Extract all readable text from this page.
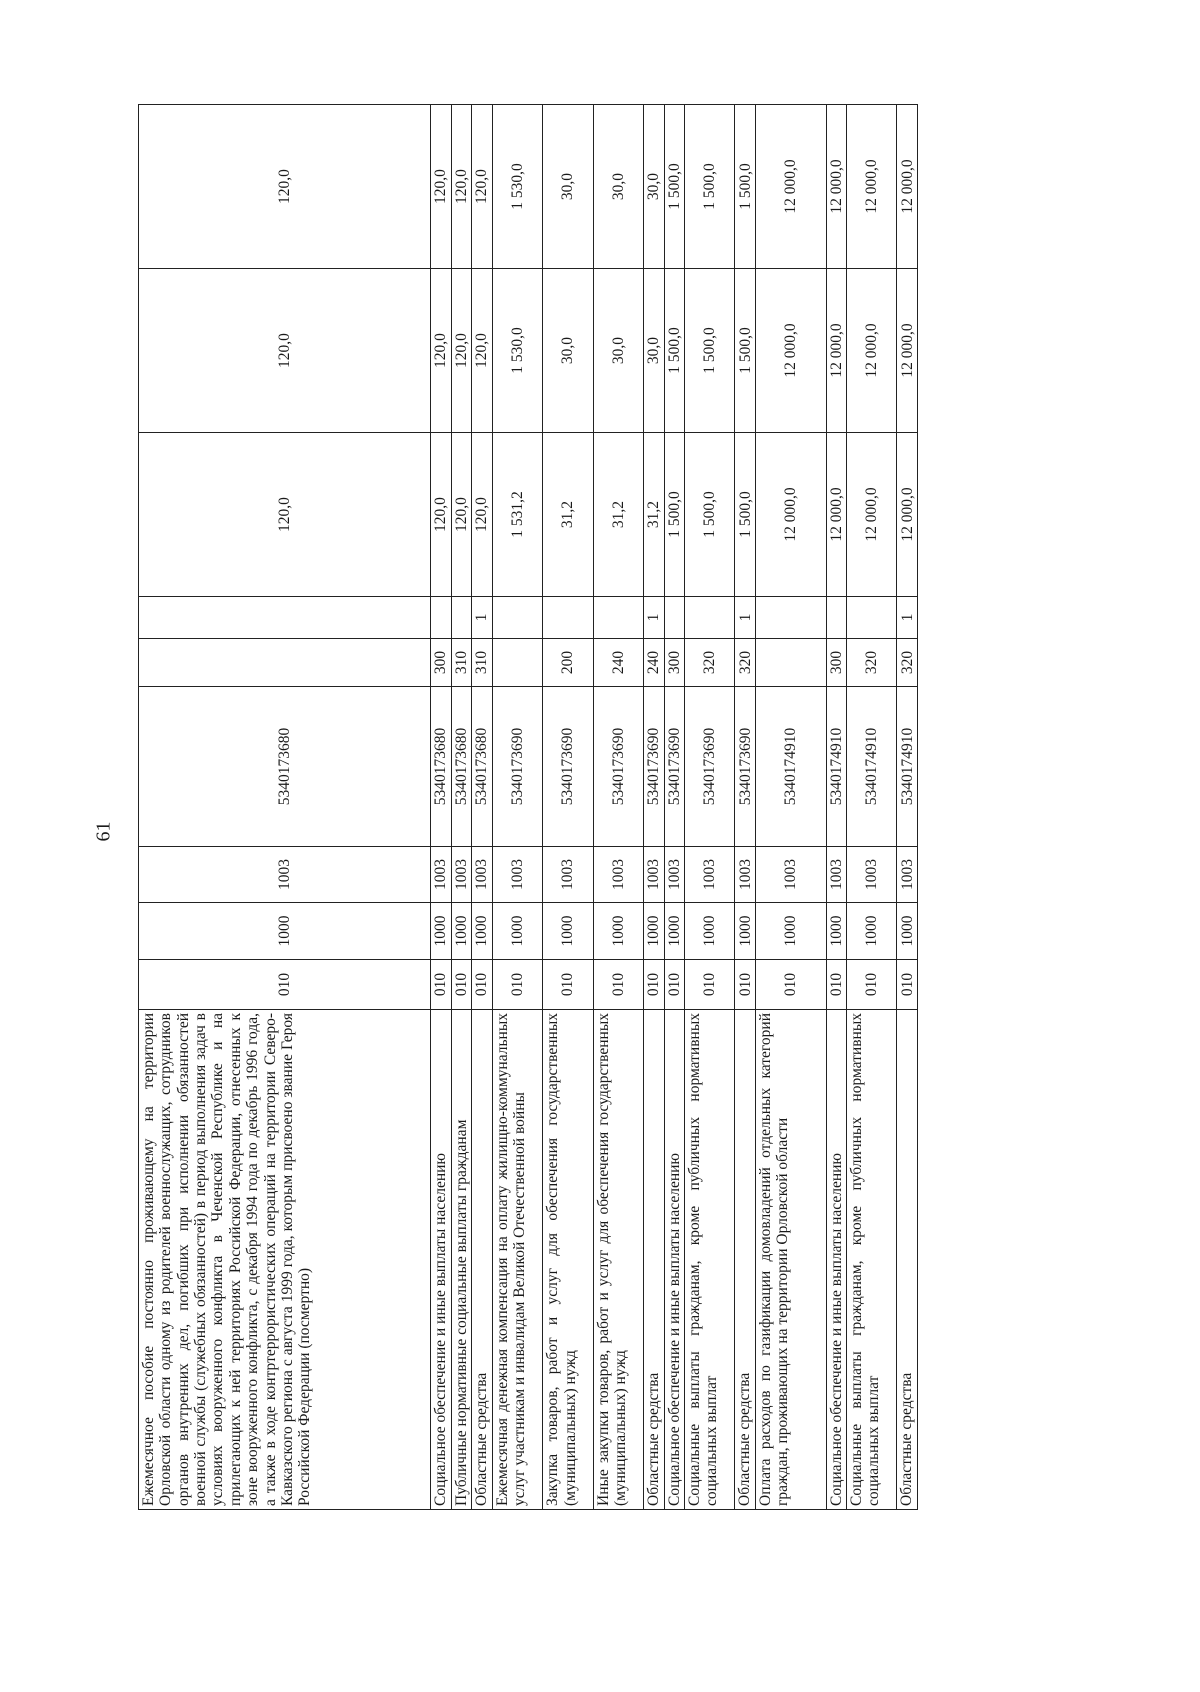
61
Ежемесячное пособие постоянно проживающему на территории Орловской области одному из родителей военнослужащих, сотрудников органов внутренних дел, погибших при исполнении обязанностей военной службы (служебных обязанностей) в период выполнения задач в условиях вооруженного конфликта в Чеченской Республике и на прилегающих к ней территориях Российской Федерации, отнесенных к зоне вооруженного конфликта, с декабря 1994 года по декабрь 1996 года, а также в ходе контртеррористических операций на территории Северо-Кавказского региона с августа 1999 года, которым присвоено звание Героя Российской Федерации (посмертно)	010	1000	1003	5340173680			120,0	120,0	120,0
Социальное обеспечение и иные выплаты населению	010	1000	1003	5340173680	300		120,0	120,0	120,0
Публичные нормативные социальные выплаты гражданам	010	1000	1003	5340173680	310		120,0	120,0	120,0
Областные средства	010	1000	1003	5340173680	310	1	120,0	120,0	120,0
Ежемесячная денежная компенсация на оплату жилищно-коммунальных услуг участникам и инвалидам Великой Отечественной войны	010	1000	1003	5340173690			1 531,2	1 530,0	1 530,0
Закупка товаров, работ и услуг для обеспечения государственных (муниципальных) нужд	010	1000	1003	5340173690	200		31,2	30,0	30,0
Иные закупки товаров, работ и услуг для обеспечения государственных (муниципальных) нужд	010	1000	1003	5340173690	240		31,2	30,0	30,0
Областные средства	010	1000	1003	5340173690	240	1	31,2	30,0	30,0
Социальное обеспечение и иные выплаты населению	010	1000	1003	5340173690	300		1 500,0	1 500,0	1 500,0
Социальные выплаты гражданам, кроме публичных нормативных социальных выплат	010	1000	1003	5340173690	320		1 500,0	1 500,0	1 500,0
Областные средства	010	1000	1003	5340173690	320	1	1 500,0	1 500,0	1 500,0
Оплата расходов по газификации домовладений отдельных категорий граждан, проживающих на территории Орловской области	010	1000	1003	5340174910			12 000,0	12 000,0	12 000,0
Социальное обеспечение и иные выплаты населению	010	1000	1003	5340174910	300		12 000,0	12 000,0	12 000,0
Социальные выплаты гражданам, кроме публичных нормативных социальных выплат	010	1000	1003	5340174910	320		12 000,0	12 000,0	12 000,0
Областные средства	010	1000	1003	5340174910	320	1	12 000,0	12 000,0	12 000,0
